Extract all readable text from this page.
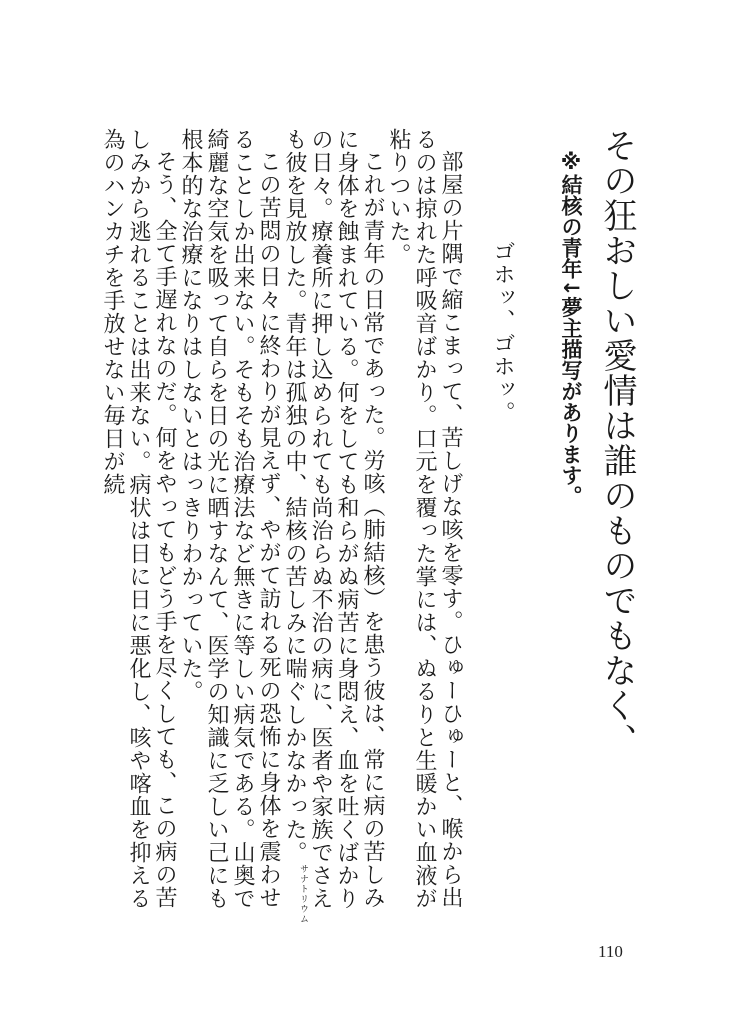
その狂おしい愛情は誰のものでもなく、
※結核の青年↓夢主描写があります。

ゴホッ、ゴホッ。

部屋の片隅で縮こまって、苦しげな咳を零す。ひゅーひゅーと、喉から出るのは掠れた呼吸音ばかり。口元を覆った掌には、ぬるりと生暖かい血液が粘りついた。

これが青年の日常であった。労咳（肺結核）を患う彼は、常に病の苦しみに身体を蝕まれている。何をしても和らがぬ病苦に身悶え、血を吐くばかりの日々。療養所に押し込められても尚治らぬ不治の病に、医者や家族でさえも彼を見放した。青年は孤独の中、結核の苦しみに喘ぐしかなかった。$^{サナトリウム}$

この苦悶の日々に終わりが見えず、やがて訪れる死の恐怖に身体を震わせることしか出来ない。そもそも治療法など無きに等しい病気である。山奥で綺麗な空気を吸って自らを日の光に晒すなんて、医学の知識に乏しい己にも根本的な治療になりはしないとはっきりわかっていた。

そう、全て手遅れなのだ。何をやってもどう手を尽くしても、この病の苦しみから逃れることは出来ない。病状は日に日に悪化し、咳や喀血を抑える為のハンカチを手放せない毎日が続

110
